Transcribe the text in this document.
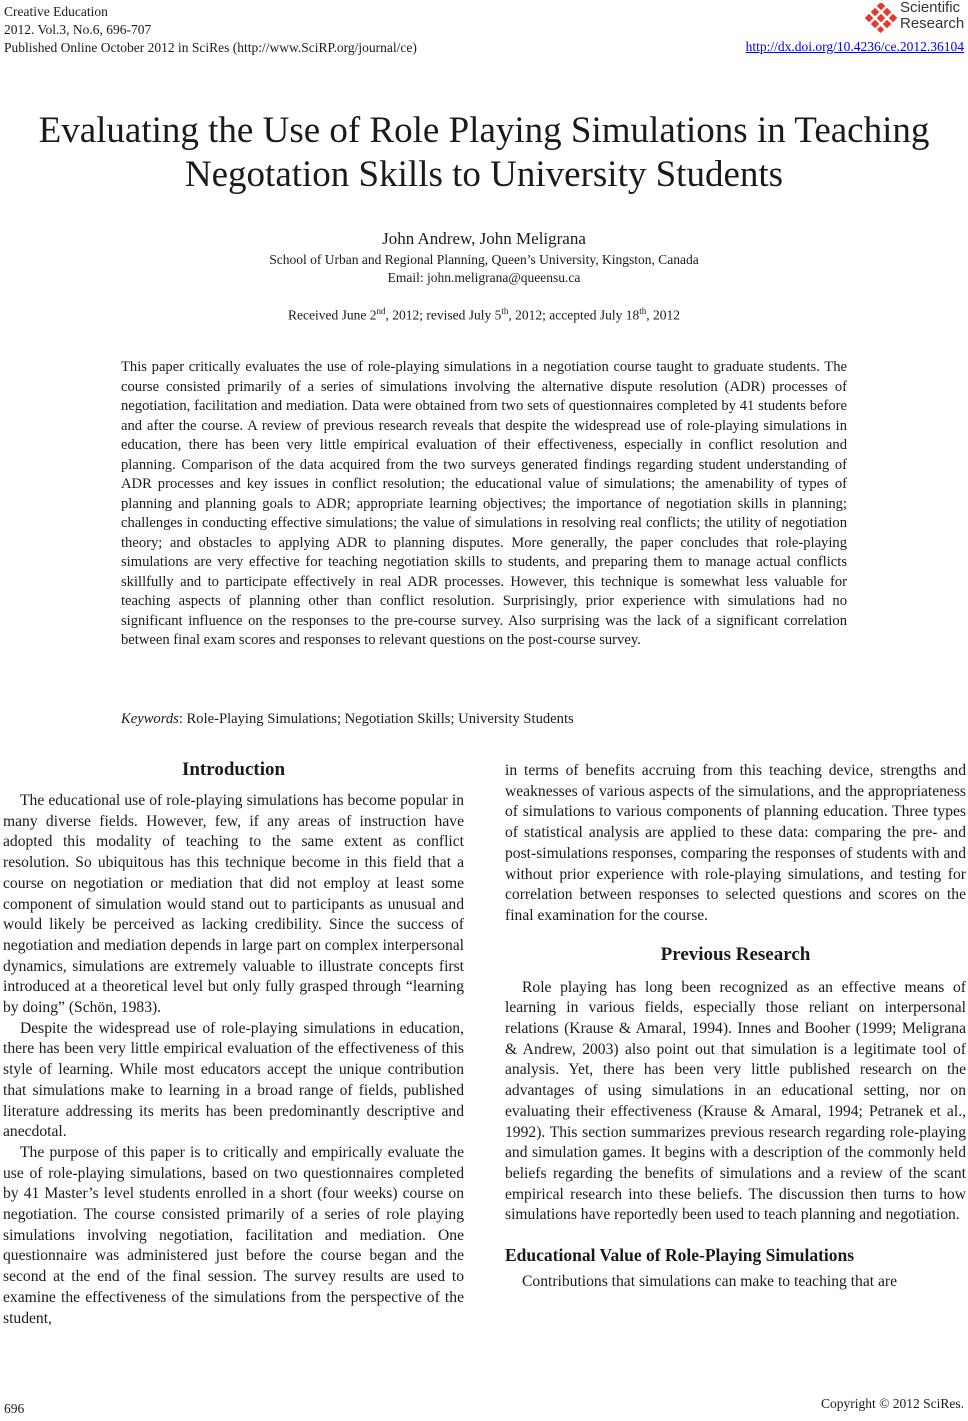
Creative Education
2012. Vol.3, No.6, 696-707
Published Online October 2012 in SciRes (http://www.SciRP.org/journal/ce)
Scientific
Research
http://dx.doi.org/10.4236/ce.2012.36104
Evaluating the Use of Role Playing Simulations in Teaching
Negotation Skills to University Students
John Andrew, John Meligrana
School of Urban and Regional Planning, Queen’s University, Kingston, Canada
Email: john.meligrana@queensu.ca
Received June 2nd, 2012; revised July 5th, 2012; accepted July 18th, 2012
This paper critically evaluates the use of role-playing simulations in a negotiation course taught to graduate students. The course consisted primarily of a series of simulations involving the alternative dispute resolution (ADR) processes of negotiation, facilitation and mediation. Data were obtained from two sets of questionnaires completed by 41 students before and after the course. A review of previous research reveals that despite the widespread use of role-playing simulations in education, there has been very little empirical evaluation of their effectiveness, especially in conflict resolution and planning. Comparison of the data acquired from the two surveys generated findings regarding student understanding of ADR processes and key issues in conflict resolution; the educational value of simulations; the amenability of types of planning and planning goals to ADR; appropriate learning objectives; the importance of negotiation skills in planning; challenges in conducting effective simulations; the value of simulations in resolving real conflicts; the utility of negotiation theory; and obstacles to applying ADR to planning disputes. More generally, the paper concludes that role-playing simulations are very effective for teaching negotiation skills to students, and preparing them to manage actual conflicts skillfully and to participate effectively in real ADR processes. However, this technique is somewhat less valuable for teaching aspects of planning other than conflict resolution. Surprisingly, prior experience with simulations had no significant influence on the responses to the pre-course survey. Also surprising was the lack of a significant correlation between final exam scores and responses to relevant questions on the post-course survey.
Keywords: Role-Playing Simulations; Negotiation Skills; University Students
Introduction

The educational use of role-playing simulations has become popular in many diverse fields. However, few, if any areas of instruction have adopted this modality of teaching to the same extent as conflict resolution. So ubiquitous has this technique become in this field that a course on negotiation or mediation that did not employ at least some component of simulation would stand out to participants as unusual and would likely be perceived as lacking credibility. Since the success of negotiation and mediation depends in large part on complex interpersonal dynamics, simulations are extremely valuable to illustrate concepts first introduced at a theoretical level but only fully grasped through “learning by doing” (Schön, 1983).

Despite the widespread use of role-playing simulations in education, there has been very little empirical evaluation of the effectiveness of this style of learning. While most educators accept the unique contribution that simulations make to learning in a broad range of fields, published literature addressing its merits has been predominantly descriptive and anecdotal.

The purpose of this paper is to critically and empirically evaluate the use of role-playing simulations, based on two questionnaires completed by 41 Master’s level students enrolled in a short (four weeks) course on negotiation. The course consisted primarily of a series of role playing simulations involving negotiation, facilitation and mediation. One questionnaire was administered just before the course began and the second at the end of the final session. The survey results are used to examine the effectiveness of the simulations from the perspective of the student,

in terms of benefits accruing from this teaching device, strengths and weaknesses of various aspects of the simulations, and the appropriateness of simulations to various components of planning education. Three types of statistical analysis are applied to these data: comparing the pre- and post-simulations responses, comparing the responses of students with and without prior experience with role-playing simulations, and testing for correlation between responses to selected questions and scores on the final examination for the course.

Previous Research

Role playing has long been recognized as an effective means of learning in various fields, especially those reliant on interpersonal relations (Krause & Amaral, 1994). Innes and Booher (1999; Meligrana & Andrew, 2003) also point out that simulation is a legitimate tool of analysis. Yet, there has been very little published research on the advantages of using simulations in an educational setting, nor on evaluating their effectiveness (Krause & Amaral, 1994; Petranek et al., 1992). This section summarizes previous research regarding role-playing and simulation games. It begins with a description of the commonly held beliefs regarding the benefits of simulations and a review of the scant empirical research into these beliefs. The discussion then turns to how simulations have reportedly been used to teach planning and negotiation.

Educational Value of Role-Playing Simulations

Contributions that simulations can make to teaching that are

696	Copyright © 2012 SciRes.
